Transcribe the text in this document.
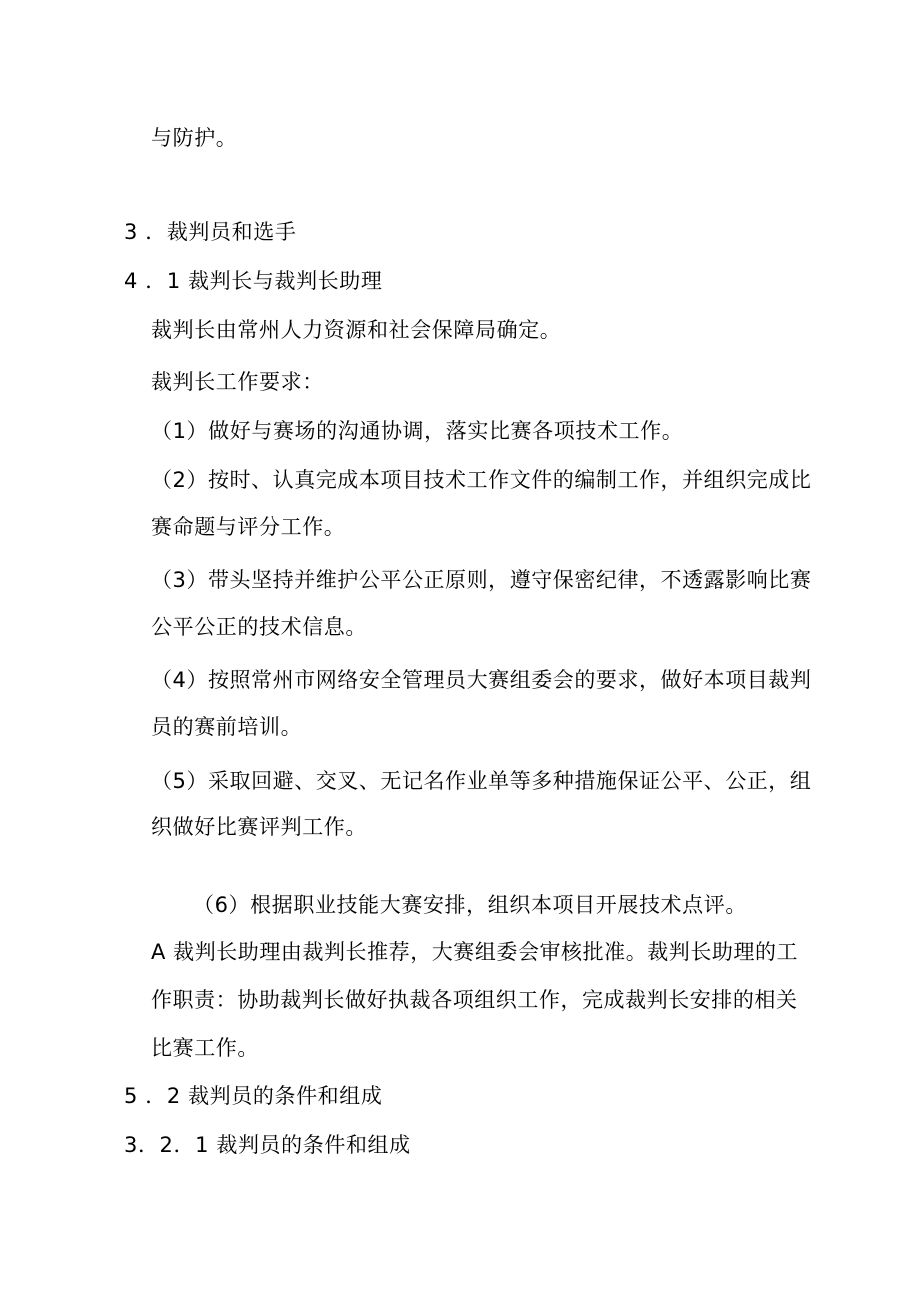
与防护。
3 ．裁判员和选手
4 ．1 裁判长与裁判长助理
裁判长由常州人力资源和社会保障局确定。
裁判长工作要求：
（1）做好与赛场的沟通协调，落实比赛各项技术工作。
（2）按时、认真完成本项目技术工作文件的编制工作，并组织完成比
赛命题与评分工作。
（3）带头坚持并维护公平公正原则，遵守保密纪律，不透露影响比赛
公平公正的技术信息。
（4）按照常州市网络安全管理员大赛组委会的要求，做好本项目裁判
员的赛前培训。
（5）采取回避、交叉、无记名作业单等多种措施保证公平、公正，组
织做好比赛评判工作。
（6）根据职业技能大赛安排，组织本项目开展技术点评。
A 裁判长助理由裁判长推荐，大赛组委会审核批准。裁判长助理的工
作职责：协助裁判长做好执裁各项组织工作，完成裁判长安排的相关
比赛工作。
5 ．2 裁判员的条件和组成
3．2．1 裁判员的条件和组成
